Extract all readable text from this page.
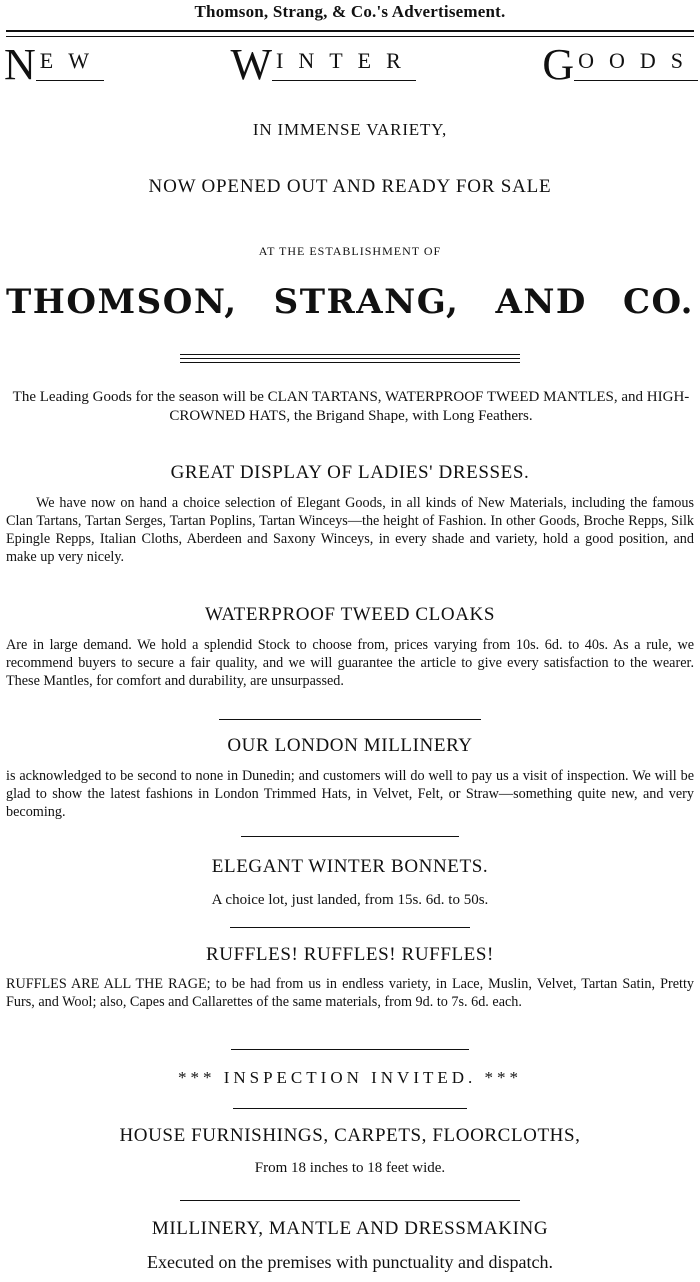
Thomson, Strang, & Co.'s Advertisement.
N EW	W INTER	G OODS
IN IMMENSE VARIETY,
NOW OPENED OUT AND READY FOR SALE
AT THE ESTABLISHMENT OF
THOMSON, STRANG, AND CO.
The Leading Goods for the season will be CLAN TARTANS, WATERPROOF TWEED MANTLES, and HIGH-CROWNED HATS, the Brigand Shape, with Long Feathers.
GREAT DISPLAY OF LADIES' DRESSES.
We have now on hand a choice selection of Elegant Goods, in all kinds of New Materials, including the famous Clan Tartans, Tartan Serges, Tartan Poplins, Tartan Winceys—the height of Fashion. In other Goods, Broche Repps, Silk Epingle Repps, Italian Cloths, Aberdeen and Saxony Winceys, in every shade and variety, hold a good position, and make up very nicely.
WATERPROOF TWEED CLOAKS
Are in large demand. We hold a splendid Stock to choose from, prices varying from 10s. 6d. to 40s. As a rule, we recommend buyers to secure a fair quality, and we will guarantee the article to give every satisfaction to the wearer. These Mantles, for comfort and durability, are unsurpassed.
OUR LONDON MILLINERY
is acknowledged to be second to none in Dunedin; and customers will do well to pay us a visit of inspection. We will be glad to show the latest fashions in London Trimmed Hats, in Velvet, Felt, or Straw—something quite new, and very becoming.
ELEGANT WINTER BONNETS.
A choice lot, just landed, from 15s. 6d. to 50s.
RUFFLES! RUFFLES! RUFFLES!
RUFFLES ARE ALL THE RAGE; to be had from us in endless variety, in Lace, Muslin, Velvet, Tartan Satin, Pretty Furs, and Wool; also, Capes and Callarettes of the same materials, from 9d. to 7s. 6d. each.
*** INSPECTION INVITED. ***
HOUSE FURNISHINGS, CARPETS, FLOORCLOTHS,
From 18 inches to 18 feet wide.
MILLINERY, MANTLE AND DRESSMAKING
Executed on the premises with punctuality and dispatch.
